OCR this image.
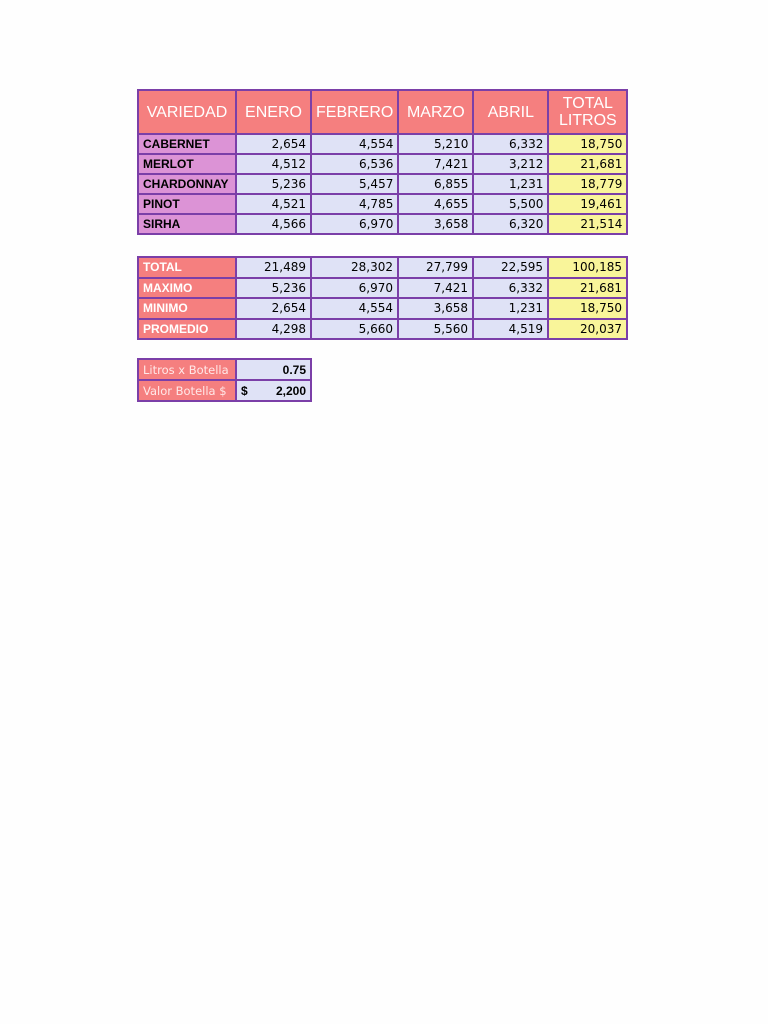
VARIEDAD	ENERO	FEBRERO	MARZO	ABRIL	TOTAL LITROS
CABERNET	2,654	4,554	5,210	6,332	18,750
MERLOT	4,512	6,536	7,421	3,212	21,681
CHARDONNAY	5,236	5,457	6,855	1,231	18,779
PINOT	4,521	4,785	4,655	5,500	19,461
SIRHA	4,566	6,970	3,658	6,320	21,514
TOTAL	21,489	28,302	27,799	22,595	100,185
MAXIMO	5,236	6,970	7,421	6,332	21,681
MINIMO	2,654	4,554	3,658	1,231	18,750
PROMEDIO	4,298	5,660	5,560	4,519	20,037
Litros x Botella	0.75
Valor Botella $	$ 2,200
